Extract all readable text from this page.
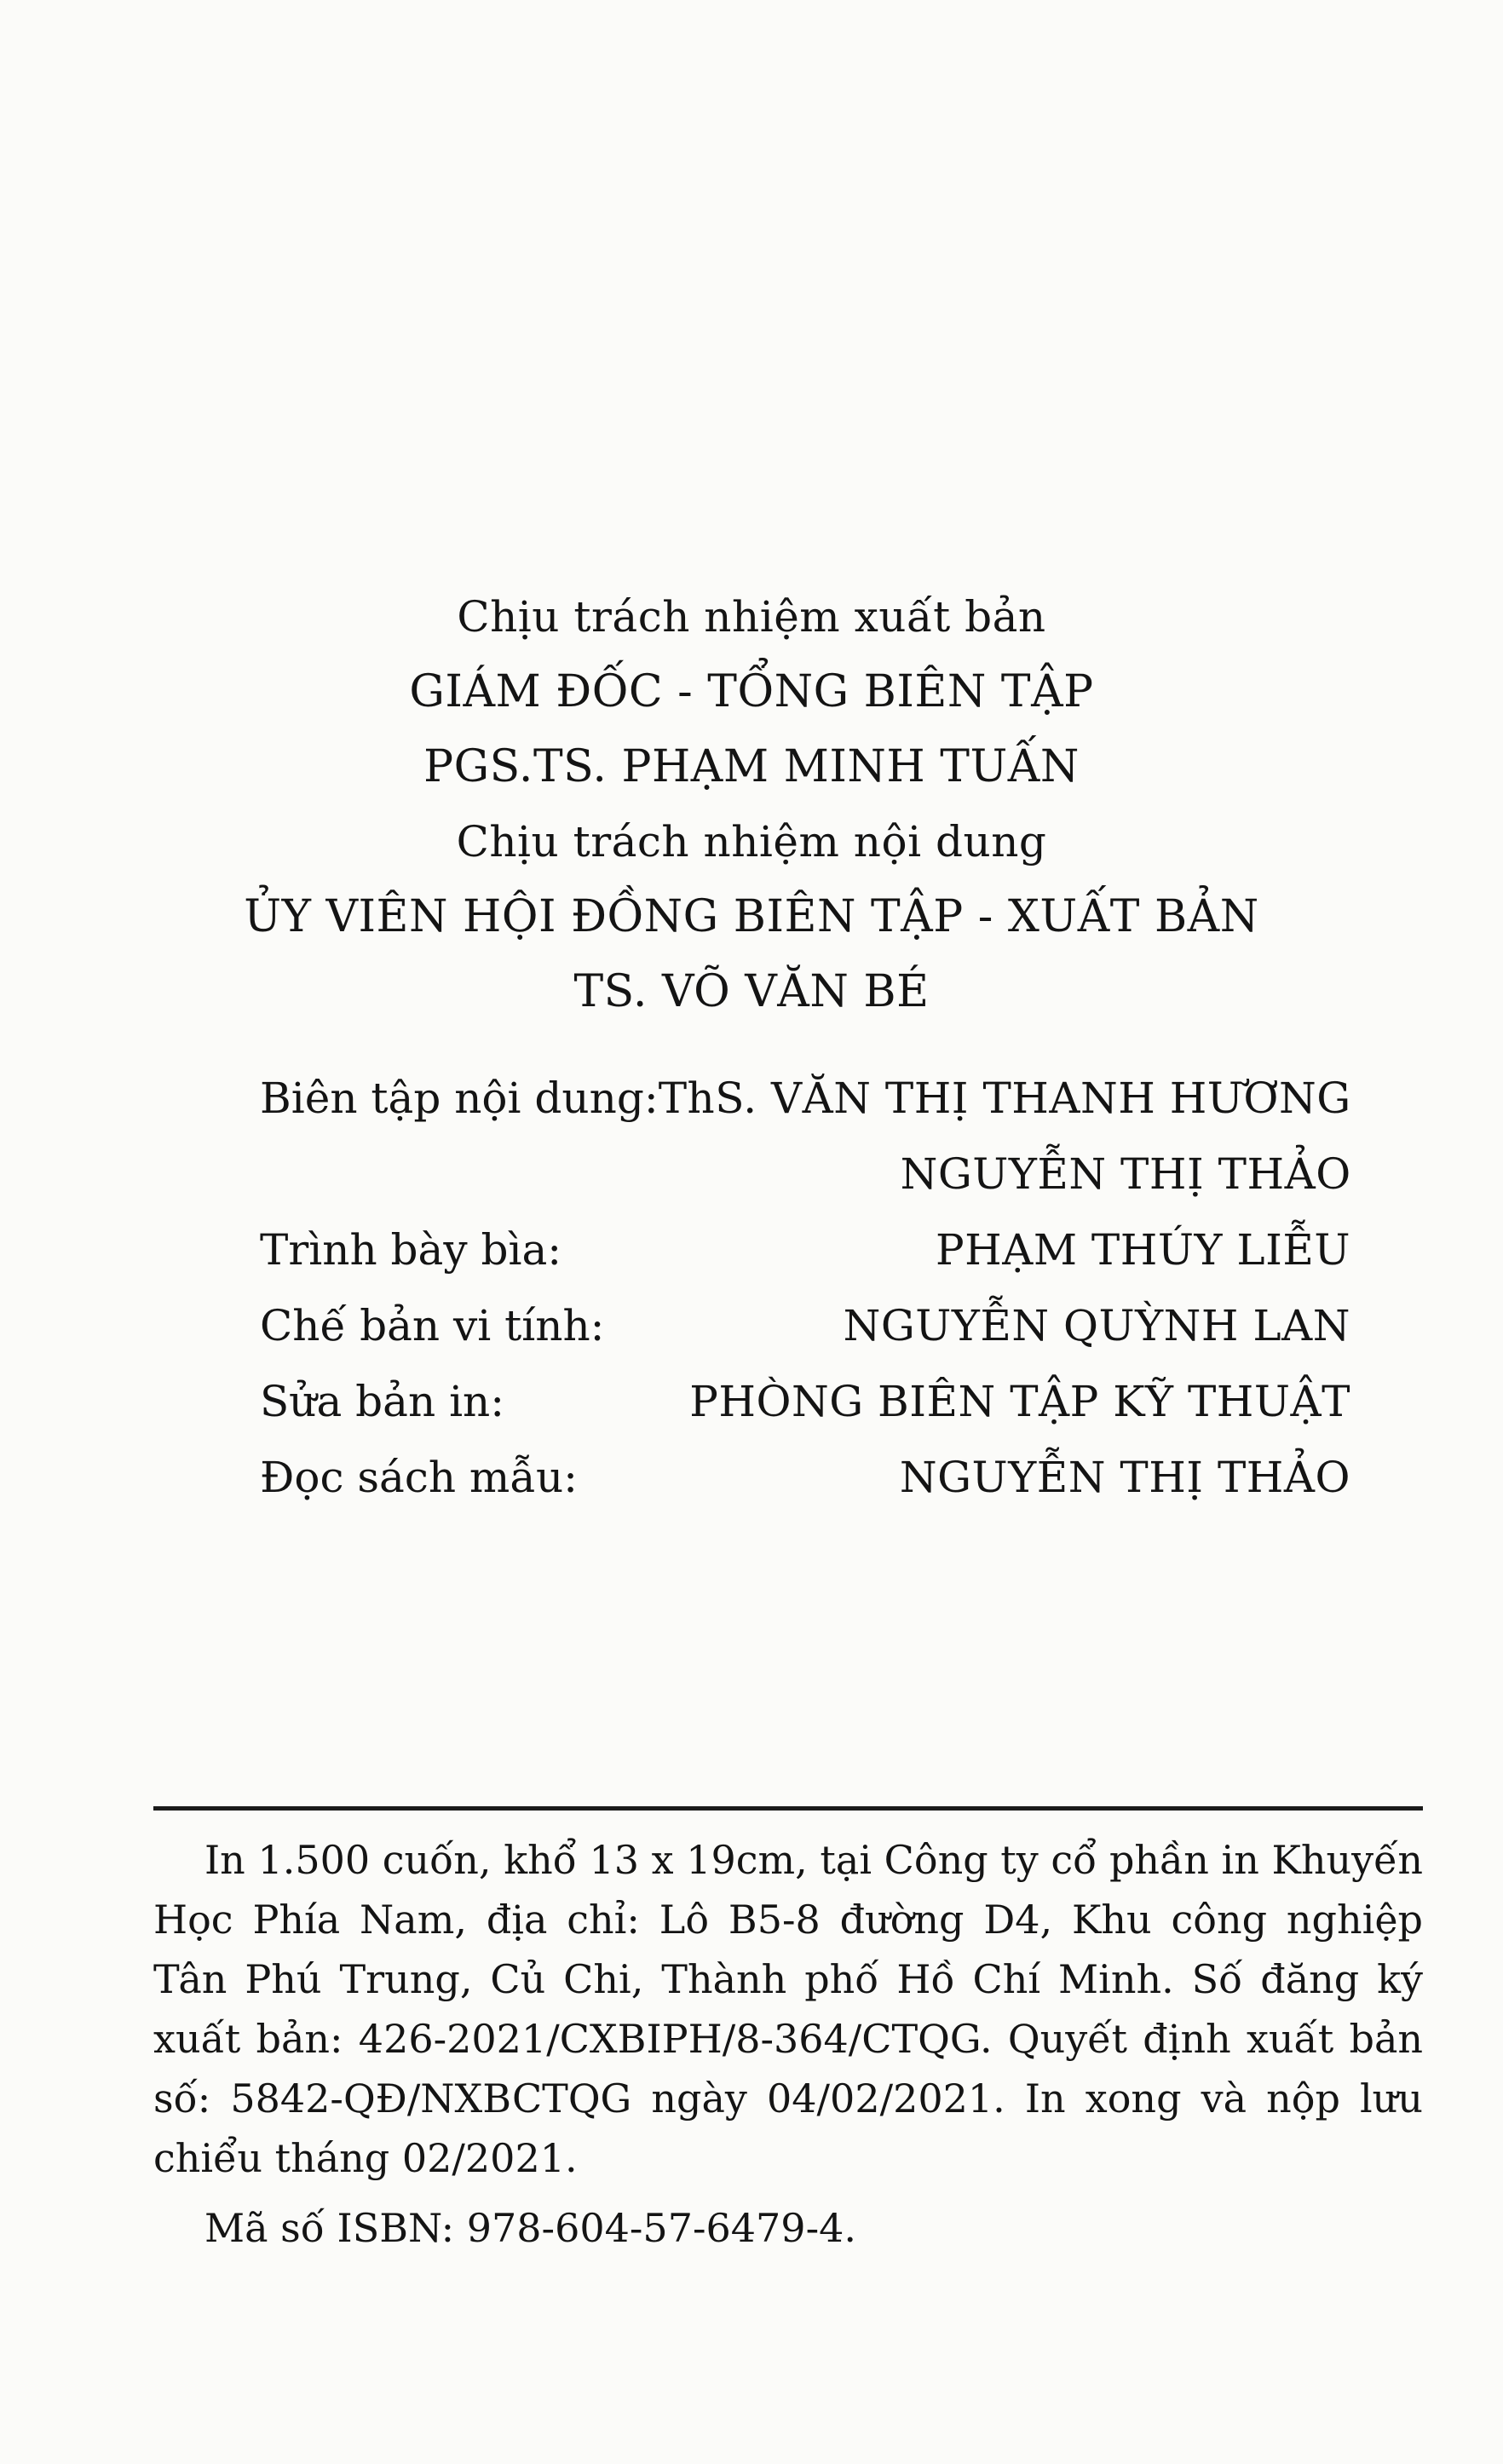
Chịu trách nhiệm xuất bản
GIÁM ĐỐC - TỔNG BIÊN TẬP
PGS.TS. PHẠM MINH TUẤN
Chịu trách nhiệm nội dung
ỦY VIÊN HỘI ĐỒNG BIÊN TẬP - XUẤT BẢN
TS. VÕ VĂN BÉ
Biên tập nội dung: ThS. VĂN THỊ THANH HƯƠNG
NGUYỄN THỊ THẢO
Trình bày bìa:	PHẠM THÚY LIỄU
Chế bản vi tính:	NGUYỄN QUỲNH LAN
Sửa bản in:	PHÒNG BIÊN TẬP KỸ THUẬT
Đọc sách mẫu:	NGUYỄN THỊ THẢO

In 1.500 cuốn, khổ 13 x 19cm, tại Công ty cổ phần in Khuyến Học Phía Nam, địa chỉ: Lô B5-8 đường D4, Khu công nghiệp Tân Phú Trung, Củ Chi, Thành phố Hồ Chí Minh. Số đăng ký xuất bản: 426-2021/CXBIPH/8-364/CTQG. Quyết định xuất bản số: 5842-QĐ/NXBCTQG ngày 04/02/2021. In xong và nộp lưu chiểu tháng 02/2021.

Mã số ISBN: 978-604-57-6479-4.
